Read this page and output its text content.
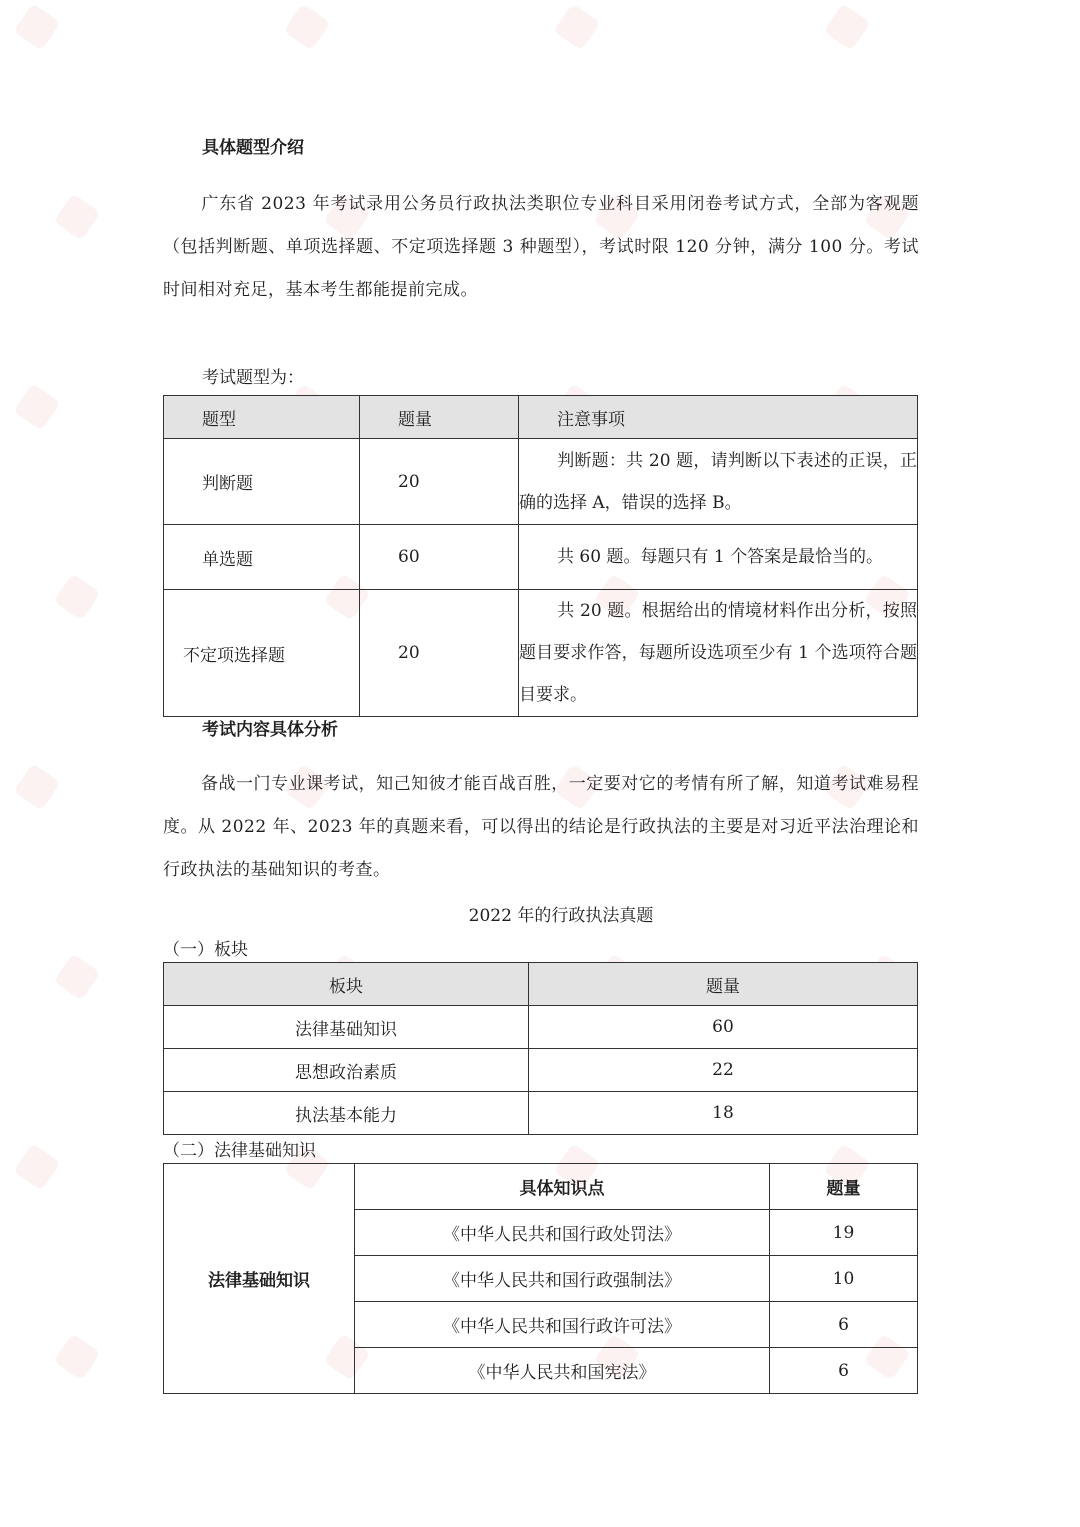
具体题型介绍
广东省 2023 年考试录用公务员行政执法类职位专业科目采用闭卷考试方式，全部为客观题（包括判断题、单项选择题、不定项选择题 3 种题型），考试时限 120 分钟，满分 100 分。考试时间相对充足，基本考生都能提前完成。
考试题型为：
题型	题量	注意事项
判断题	20	判断题：共 20 题，请判断以下表述的正误，正确的选择 A，错误的选择 B。
单选题	60	共 60 题。每题只有 1 个答案是最恰当的。
不定项选择题	20	共 20 题。根据给出的情境材料作出分析，按照题目要求作答，每题所设选项至少有 1 个选项符合题目要求。
考试内容具体分析
备战一门专业课考试，知己知彼才能百战百胜，一定要对它的考情有所了解，知道考试难易程度。从 2022 年、2023 年的真题来看，可以得出的结论是行政执法的主要是对习近平法治理论和行政执法的基础知识的考查。
2022 年的行政执法真题
（一）板块
板块	题量
法律基础知识	60
思想政治素质	22
执法基本能力	18
（二）法律基础知识
法律基础知识	具体知识点	题量
	《中华人民共和国行政处罚法》	19
	《中华人民共和国行政强制法》	10
	《中华人民共和国行政许可法》	6
	《中华人民共和国宪法》	6
